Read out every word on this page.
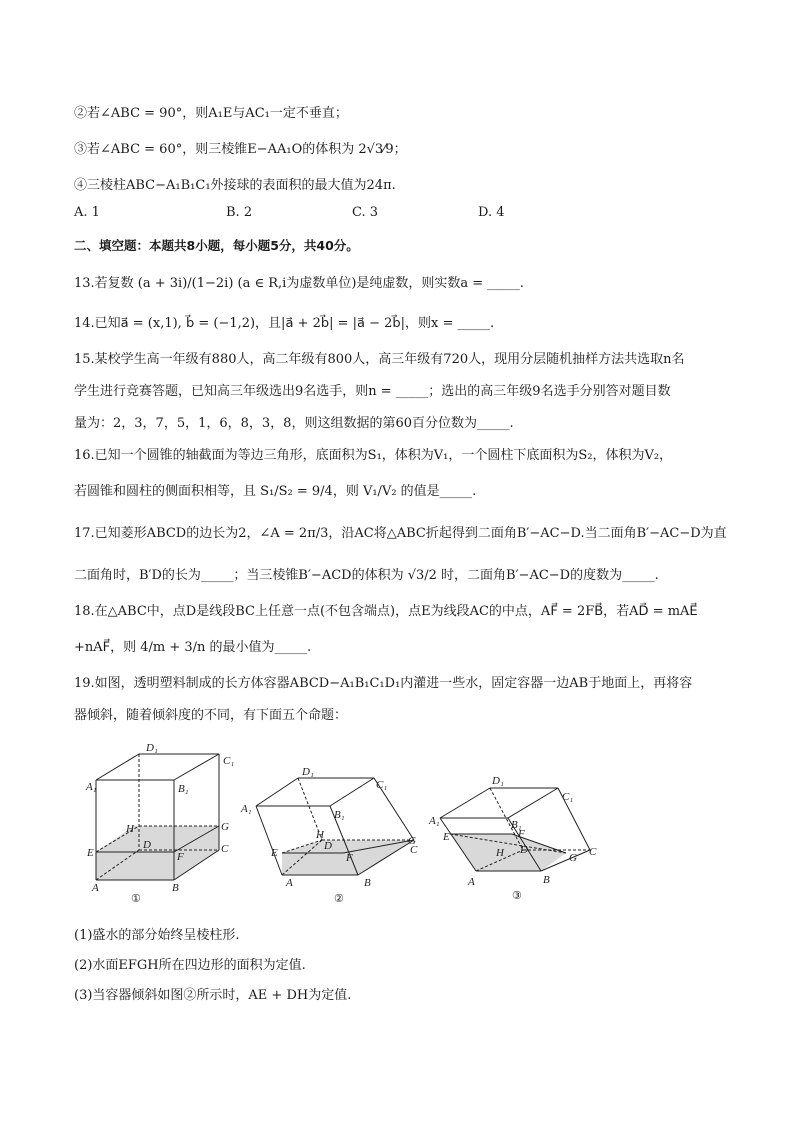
②若∠ABC = 90°，则A₁E与AC₁一定不垂直；
③若∠ABC = 60°，则三棱锥E−AA₁O的体积为 2√3⁄9；
④三棱柱ABC−A₁B₁C₁外接球的表面积的最大值为24π.
A. 1	B. 2	C. 3	D. 4
二、填空题：本题共8小题，每小题5分，共40分。
13.若复数 (a + 3i)/(1−2i) (a ∈ R,i为虚数单位)是纯虚数，则实数a = _____.
14.已知a⃗ = (x,1), b⃗ = (−1,2)，且|a⃗ + 2b⃗| = |a⃗ − 2b⃗|，则x = _____.
15.某校学生高一年级有880人，高二年级有800人，高三年级有720人，现用分层随机抽样方法共选取n名
学生进行竞赛答题，已知高三年级选出9名选手，则n = _____；选出的高三年级9名选手分别答对题目数
量为：2，3，7，5，1，6，8，3，8，则这组数据的第60百分位数为_____.
16.已知一个圆锥的轴截面为等边三角形，底面积为S₁，体积为V₁，一个圆柱下底面积为S₂，体积为V₂，
若圆锥和圆柱的侧面积相等，且 S₁/S₂ = 9/4，则 V₁/V₂ 的值是_____.
17.已知菱形ABCD的边长为2，∠A = 2π/3，沿AC将△ABC折起得到二面角B′−AC−D.当二面角B′−AC−D为直
二面角时，B′D的长为_____；当三棱锥B′−ACD的体积为 √3/2 时，二面角B′−AC−D的度数为_____.
18.在△ABC中，点D是线段BC上任意一点(不包含端点)，点E为线段AC的中点，AF⃗ = 2FB⃗，若AD⃗ = mAE⃗
+nAF⃗，则 4/m + 3/n 的最小值为_____.
19.如图，透明塑料制成的长方体容器ABCD−A₁B₁C₁D₁内灌进一些水，固定容器一边AB于地面上，再将容
器倾斜，随着倾斜度的不同，有下面五个命题：
D₁
C₁
A₁	B₁
H	G
E
D
F
C
A	B
①
D₁
C₁
A₁	B₁
H	G
E
D
F
C
A	B
②
D₁
C₁
A₁	B₁
F
E
H D
G C
A	B
③
(1)盛水的部分始终呈棱柱形.
(2)水面EFGH所在四边形的面积为定值.
(3)当容器倾斜如图②所示时，AE + DH为定值.
